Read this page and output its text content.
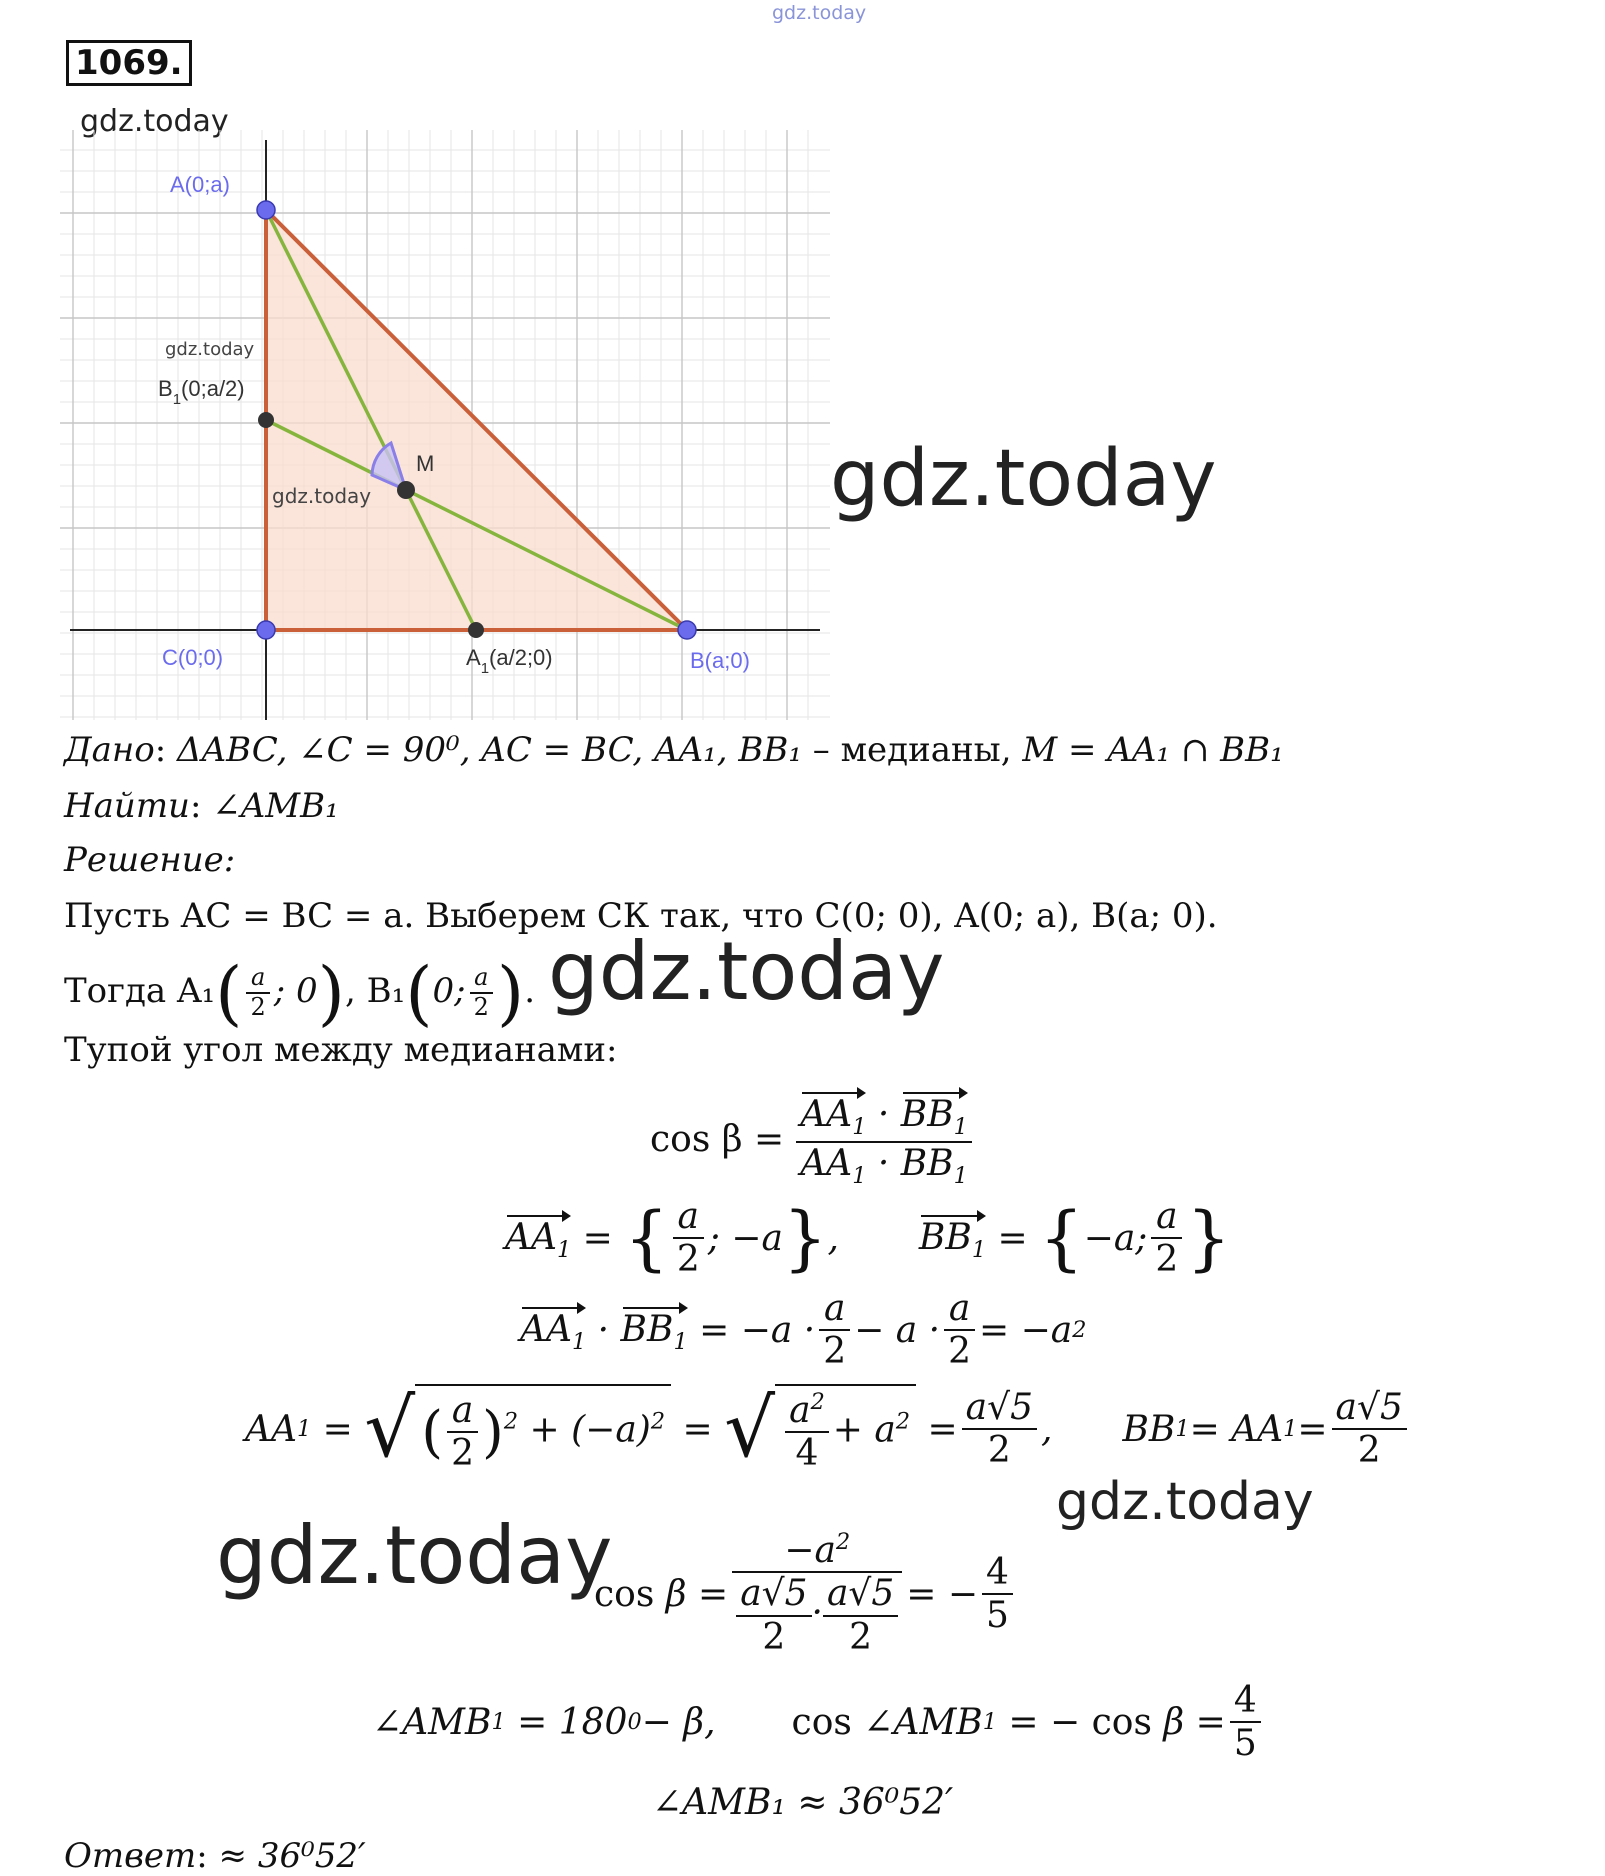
gdz.today
1069.
gdz.today
A(0;a)
C(0;0)	B(a;0)
M
$A_1(a/2;0)$
$B_1(0;a/2)$
gdz.today
gdz.today	gdz.today
Дано: ΔABC, ∠C = 90⁰, AC = BC, AA₁, BB₁ – медианы, M = AA₁ ∩ BB₁
Найти: ∠AMB₁
Решение:
Пусть AC = BC = a. Выберем СК так, что C(0; 0), A(0; a), B(a; 0).
Тогда $A_1( \frac{a}{2}$ ; 0), B₁(0; $\frac{a}{2}$ ). gdz.today
Тупой угол между медианами:
$\cos \beta = \frac{AA_1 \cdot BB_1}{AA_1 \cdot BB_1}$
$AA_1$ = { $\frac{a}{2}$ ; −a } , $BB_1$ = { −a; $\frac{a}{2}$ }
$AA_1 \cdot BB_1 = -a \cdot \frac{a}{2} - a \cdot \frac{a}{2} = -a$ 2
AA 1 = √ ( $\frac{a}{2} )^2 + (-a)^2$ = √ $\frac{a^2}{4} + a^2 = \frac{a√5}{2}$ ,
BB 1 = AA $1 = \frac{a√5}{2}$
gdz.today
gdz.today
$\cos \beta = \frac{-a^2}{\frac{a√5}{2} \cdot \frac{a√5}{2}}$ = − $\frac{4}{5}$
∠AMB 1 = 180 0 − β, cos ∠AMB 1 = − $\cos \beta = \frac{4}{5}$
∠AMB₁ ≈ 36⁰52′
Ответ: ≈ 36⁰52′
